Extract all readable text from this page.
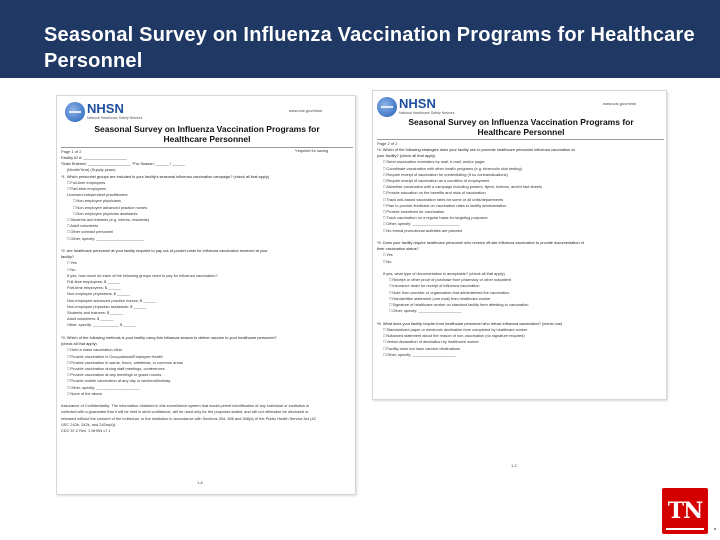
Seasonal Survey on Influenza Vaccination Programs for Healthcare Personnel
NHSN
National Healthcare Safety Network
www.cdc.gov/nhsn
Seasonal Survey on Influenza Vaccination Programs for
Healthcare Personnel
Page 1 of 2	*required for saving
Facility ID #: ____________________
*Date Entered: ____________________ *For Season: ______ / ______
(Month/Year) (Supply years)
*1. Which personnel groups are included in your facility's seasonal influenza vaccination campaign? (check all that apply)
□ Full-time employees
□ Part-time employees
Licensed independent practitioners:
□ Non-employee physicians
□ Non-employee advanced practice nurses
□ Non-employee physician assistants
□ Students and trainees (e.g. interns, residents)
□ Adult volunteers
□ Other contract personnel
□ Other, specify: ______________________

*2. Are healthcare personnel at your facility required to pay out-of-pocket costs for influenza vaccination received at your
facility?
□ Yes
□ No
If yes, how much do each of the following groups need to pay for influenza vaccination?
Full-time employees: $ ______
Part-time employees: $ ______
Non-employee physicians: $ ______
Non-employee advanced practice nurses: $ ______
Non-employee physician assistants: $ ______
Students and trainees: $ ______
Adult volunteers: $ ______
Other, specify: ____________ $ ______

*3. Which of the following methods is your facility using this influenza season to deliver vaccine to your healthcare personnel?
(check all that apply)
□ Held a mass vaccination clinic
□ Provide vaccination in Occupational/Employee Health
□ Provide vaccination in wards, floors, cafeterias, or common areas
□ Provide vaccination during staff meetings, conferences
□ Provide vaccination at any meetings or grand rounds
□ Provide mobile vaccination at any day or weekend/holiday
□ Other, specify: ____________________
□ None of the above

Assurance of Confidentiality: The information obtained in this surveillance system that would permit identification of any individual or institution is
collected with a guarantee that it will be held in strict confidence, will be used only for the purposes stated, and will not otherwise be disclosed or
released without the consent of the individual, or the institution in accordance with Sections 304, 306 and 308(d) of the Public Health Service Act (42
USC 242b, 242k, and 242m(d)).
CDC 57.2 Rev. 1 NHSN v7.1
1-5
NHSN
National Healthcare Safety Network
www.cdc.gov/nhsn
Seasonal Survey on Influenza Vaccination Programs for
Healthcare Personnel
Page 2 of 2
*4. Which of the following strategies does your facility use to promote healthcare personnel influenza vaccination at
your facility? (check all that apply)
□ Send vaccination reminders by mail, e-mail, and/or pager
□ Coordinate vaccination with other health programs (e.g. tuberculin skin testing)
□ Require receipt of vaccination for credentialing (if no contraindications)
□ Require receipt of vaccination as a condition of employment
□ Advertise vaccination with a campaign including posters, flyers, buttons, and/or fact sheets
□ Provide education on the benefits and risks of vaccination
□ Track unit-based vaccination rates for some or all units/departments
□ Plan to provide feedback on vaccination rates to facility administration
□ Provide incentives for vaccination
□ Track vaccination on a regular basis for targeting purposes
□ Other, specify: ______________________
□ No formal promotional activities are planned

*5. Does your facility require healthcare personnel who receive off-site influenza vaccination to provide documentation of
their vaccination status?
□ Yes
□ No

If yes, what type of documentation is acceptable? (check all that apply)
□ Receipt or other proof of purchase from pharmacy or other outpatient
□ Insurance claim for receipt of influenza vaccination
□ Note from provider or organization that administered the vaccination
□ Handwritten statement (one mail) from healthcare worker
□ Signature of healthcare worker on standard facility form attesting to vaccination
□ Other, specify: ____________________

*6. What does your facility require from healthcare personnel who refuse influenza vaccination? (check one)
□ Standardized paper or electronic declination form completed by healthcare worker
□ Notarized statement about the reason of non-vaccination (no signature required)
□ Verbal declaration of declination by healthcare worker
□ Facility does not track vaccine declinations
□ Other, specify: ____________________
1-2
TN
